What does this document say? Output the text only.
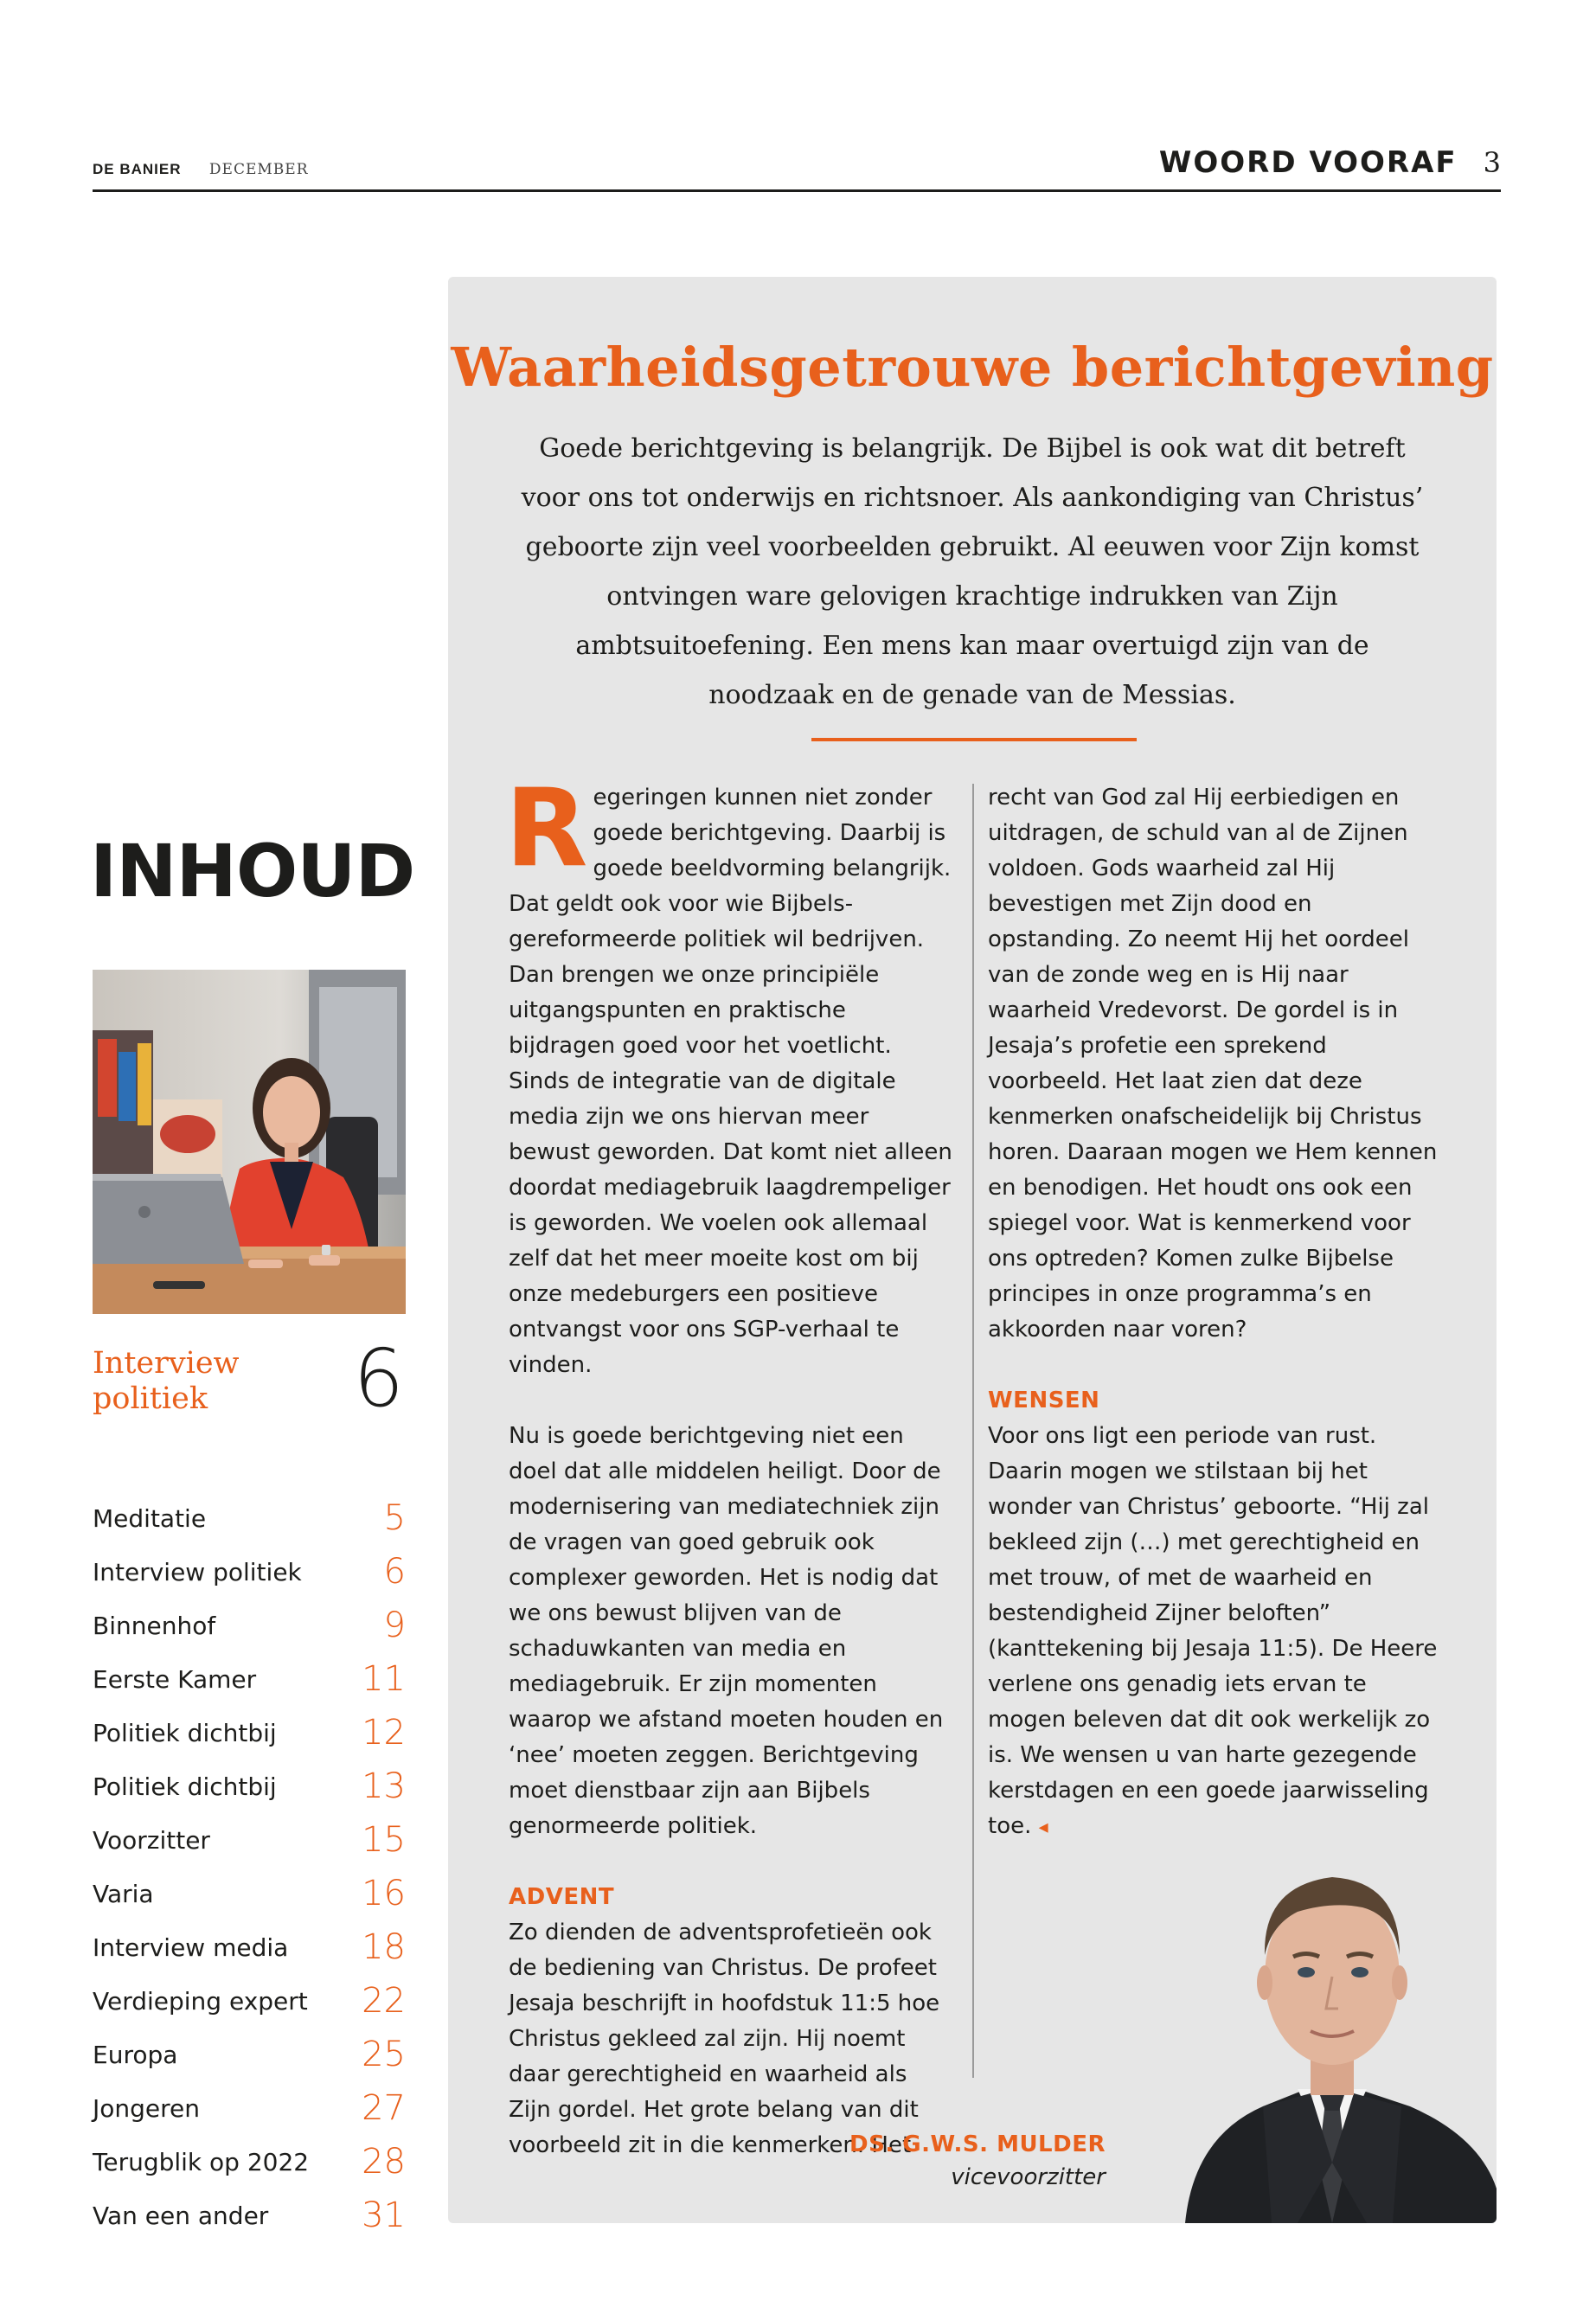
DE BANIER DECEMBER	WOORD VOORAF 3
INHOUD
Interview politiek	6
Meditatie	5
Interview politiek 6
Binnenhof	9
Eerste Kamer	11
Politiek dichtbij 12
Politiek dichtbij 13
Voorzitter	15
Varia	16
Interview media 18
Verdieping expert 22
Europa	25
Jongeren	27
Terugblik op 2022 28
Van een ander	31
Waarheidsgetrouwe berichtgeving

Goede berichtgeving is belangrijk. De Bijbel is ook wat dit betreft voor ons tot onderwijs en richtsnoer. Als aankondiging van Christus’ geboorte zijn veel voorbeelden gebruikt. Al eeuwen voor Zijn komst ontvingen ware gelovigen krachtige indrukken van Zijn ambtsuitoefening. Een mens kan maar overtuigd zijn van de noodzaak en de genade van de Messias.

Regeringen kunnen niet zonder goede berichtgeving. Daarbij is goede beeldvorming belangrijk. Dat geldt ook voor wie Bijbels-gereformeerde politiek wil bedrijven. Dan brengen we onze principiële uitgangspunten en praktische bijdragen goed voor het voetlicht. Sinds de integratie van de digitale media zijn we ons hiervan meer bewust geworden. Dat komt niet alleen doordat mediagebruik laagdrempeliger is geworden. We voelen ook allemaal zelf dat het meer moeite kost om bij onze medeburgers een positieve ontvangst voor ons SGP-verhaal te vinden.

Nu is goede berichtgeving niet een doel dat alle middelen heiligt. Door de modernisering van mediatechniek zijn de vragen van goed gebruik ook complexer geworden. Het is nodig dat we ons bewust blijven van de schaduwkanten van media en mediagebruik. Er zijn momenten waarop we afstand moeten houden en ‘nee’ moeten zeggen. Berichtgeving moet dienstbaar zijn aan Bijbels genormeerde politiek.

ADVENT

Zo dienden de adventsprofetieën ook de bediening van Christus. De profeet Jesaja beschrijft in hoofdstuk 11:5 hoe Christus gekleed zal zijn. Hij noemt daar gerechtigheid en waarheid als Zijn gordel. Het grote belang van dit voorbeeld zit in die kenmerken. Het

recht van God zal Hij eerbiedigen en uitdragen, de schuld van al de Zijnen voldoen. Gods waarheid zal Hij bevestigen met Zijn dood en opstanding. Zo neemt Hij het oordeel van de zonde weg en is Hij naar waarheid Vredevorst. De gordel is in Jesaja’s profetie een sprekend voorbeeld. Het laat zien dat deze kenmerken onafscheidelijk bij Christus horen. Daaraan mogen we Hem kennen en benodigen. Het houdt ons ook een spiegel voor. Wat is kenmerkend voor ons optreden? Komen zulke Bijbelse principes in onze programma’s en akkoorden naar voren?

WENSEN

Voor ons ligt een periode van rust. Daarin mogen we stilstaan bij het wonder van Christus’ geboorte. “Hij zal bekleed zijn (…) met gerechtigheid en met trouw, of met de waarheid en bestendigheid Zijner beloften” (kanttekening bij Jesaja 11:5). De Heere verlene ons genadig iets ervan te mogen beleven dat dit ook werkelijk zo is. We wensen u van harte gezegende kerstdagen en een goede jaarwisseling toe. ◂

DS. G.W.S. MULDER
vicevoorzitter
